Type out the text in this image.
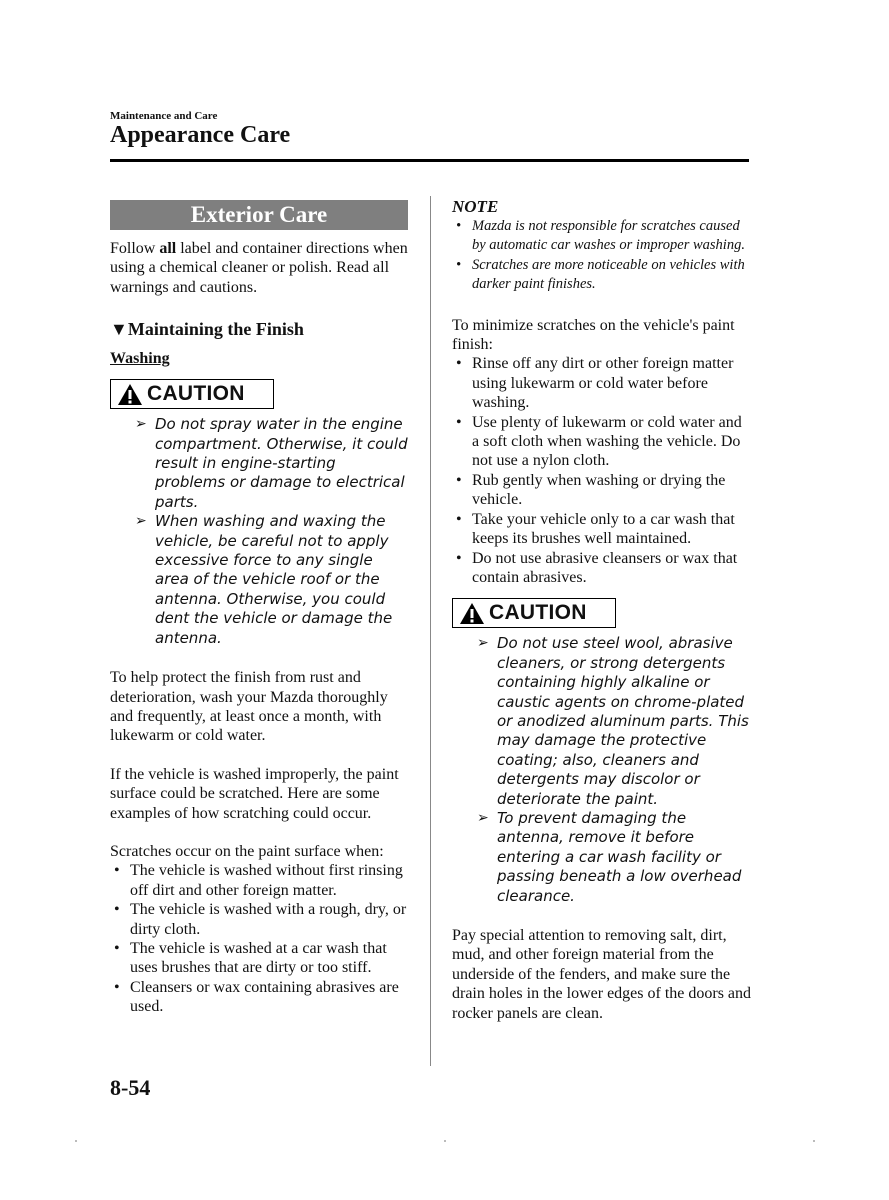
Maintenance and Care
Appearance Care
Exterior Care

Follow all label and container directions when using a chemical cleaner or polish. Read all warnings and cautions.

▼Maintaining the Finish
Washing
CAUTION
➢ Do not spray water in the engine compartment. Otherwise, it could result in engine-starting problems or damage to electrical parts.
➢ When washing and waxing the vehicle, be careful not to apply excessive force to any single area of the vehicle roof or the antenna. Otherwise, you could dent the vehicle or damage the antenna.

To help protect the finish from rust and deterioration, wash your Mazda thoroughly and frequently, at least once a month, with lukewarm or cold water.

If the vehicle is washed improperly, the paint surface could be scratched. Here are some examples of how scratching could occur.

Scratches occur on the paint surface when:

• The vehicle is washed without first rinsing off dirt and other foreign matter.
• The vehicle is washed with a rough, dry, or dirty cloth.
• The vehicle is washed at a car wash that uses brushes that are dirty or too stiff.
• Cleansers or wax containing abrasives are used.
NOTE
• Mazda is not responsible for scratches caused by automatic car washes or improper washing.
• Scratches are more noticeable on vehicles with darker paint finishes.

To minimize scratches on the vehicle's paint finish:

• Rinse off any dirt or other foreign matter using lukewarm or cold water before washing.
• Use plenty of lukewarm or cold water and a soft cloth when washing the vehicle. Do not use a nylon cloth.
• Rub gently when washing or drying the vehicle.
• Take your vehicle only to a car wash that keeps its brushes well maintained.
• Do not use abrasive cleansers or wax that contain abrasives.
CAUTION
➢ Do not use steel wool, abrasive cleaners, or strong detergents containing highly alkaline or caustic agents on chrome-plated or anodized aluminum parts. This may damage the protective coating; also, cleaners and detergents may discolor or deteriorate the paint.
➢ To prevent damaging the antenna, remove it before entering a car wash facility or passing beneath a low overhead clearance.

Pay special attention to removing salt, dirt, mud, and other foreign material from the underside of the fenders, and make sure the drain holes in the lower edges of the doors and rocker panels are clean.

8-54
